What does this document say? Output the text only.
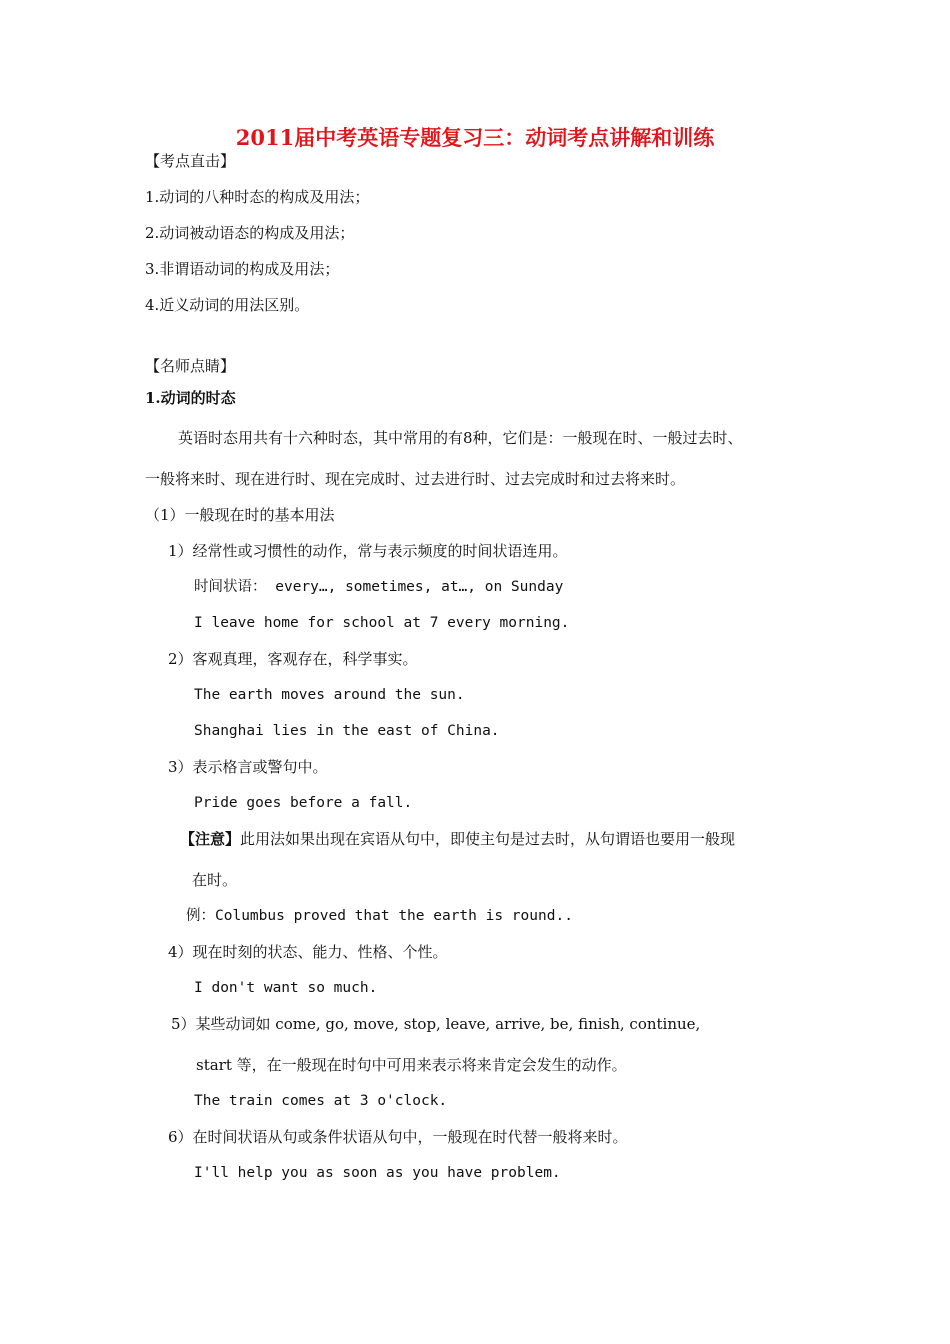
2011届中考英语专题复习三：动词考点讲解和训练
【考点直击】
1.动词的八种时态的构成及用法；
2.动词被动语态的构成及用法；
3.非谓语动词的构成及用法；
4.近义动词的用法区别。
【名师点睛】
1.动词的时态
英语时态用共有十六种时态，其中常用的有8种，它们是：一般现在时、一般过去时、
一般将来时、现在进行时、现在完成时、过去进行时、过去完成时和过去将来时。
（1）一般现在时的基本用法
1）经常性或习惯性的动作，常与表示频度的时间状语连用。
时间状语： every…, sometimes, at…, on Sunday
I leave home for school at 7 every morning.
2）客观真理，客观存在，科学事实。
The earth moves around the sun.
Shanghai lies in the east of China.
3）表示格言或警句中。
Pride goes before a fall.
【注意】此用法如果出现在宾语从句中，即使主句是过去时，从句谓语也要用一般现
在时。
例：Columbus proved that the earth is round..
4）现在时刻的状态、能力、性格、个性。
I don't want so much.
5）某些动词如 come, go, move, stop, leave, arrive, be, finish, continue,
start 等，在一般现在时句中可用来表示将来肯定会发生的动作。
The train comes at 3 o'clock.
6）在时间状语从句或条件状语从句中，一般现在时代替一般将来时。
I'll help you as soon as you have problem.
